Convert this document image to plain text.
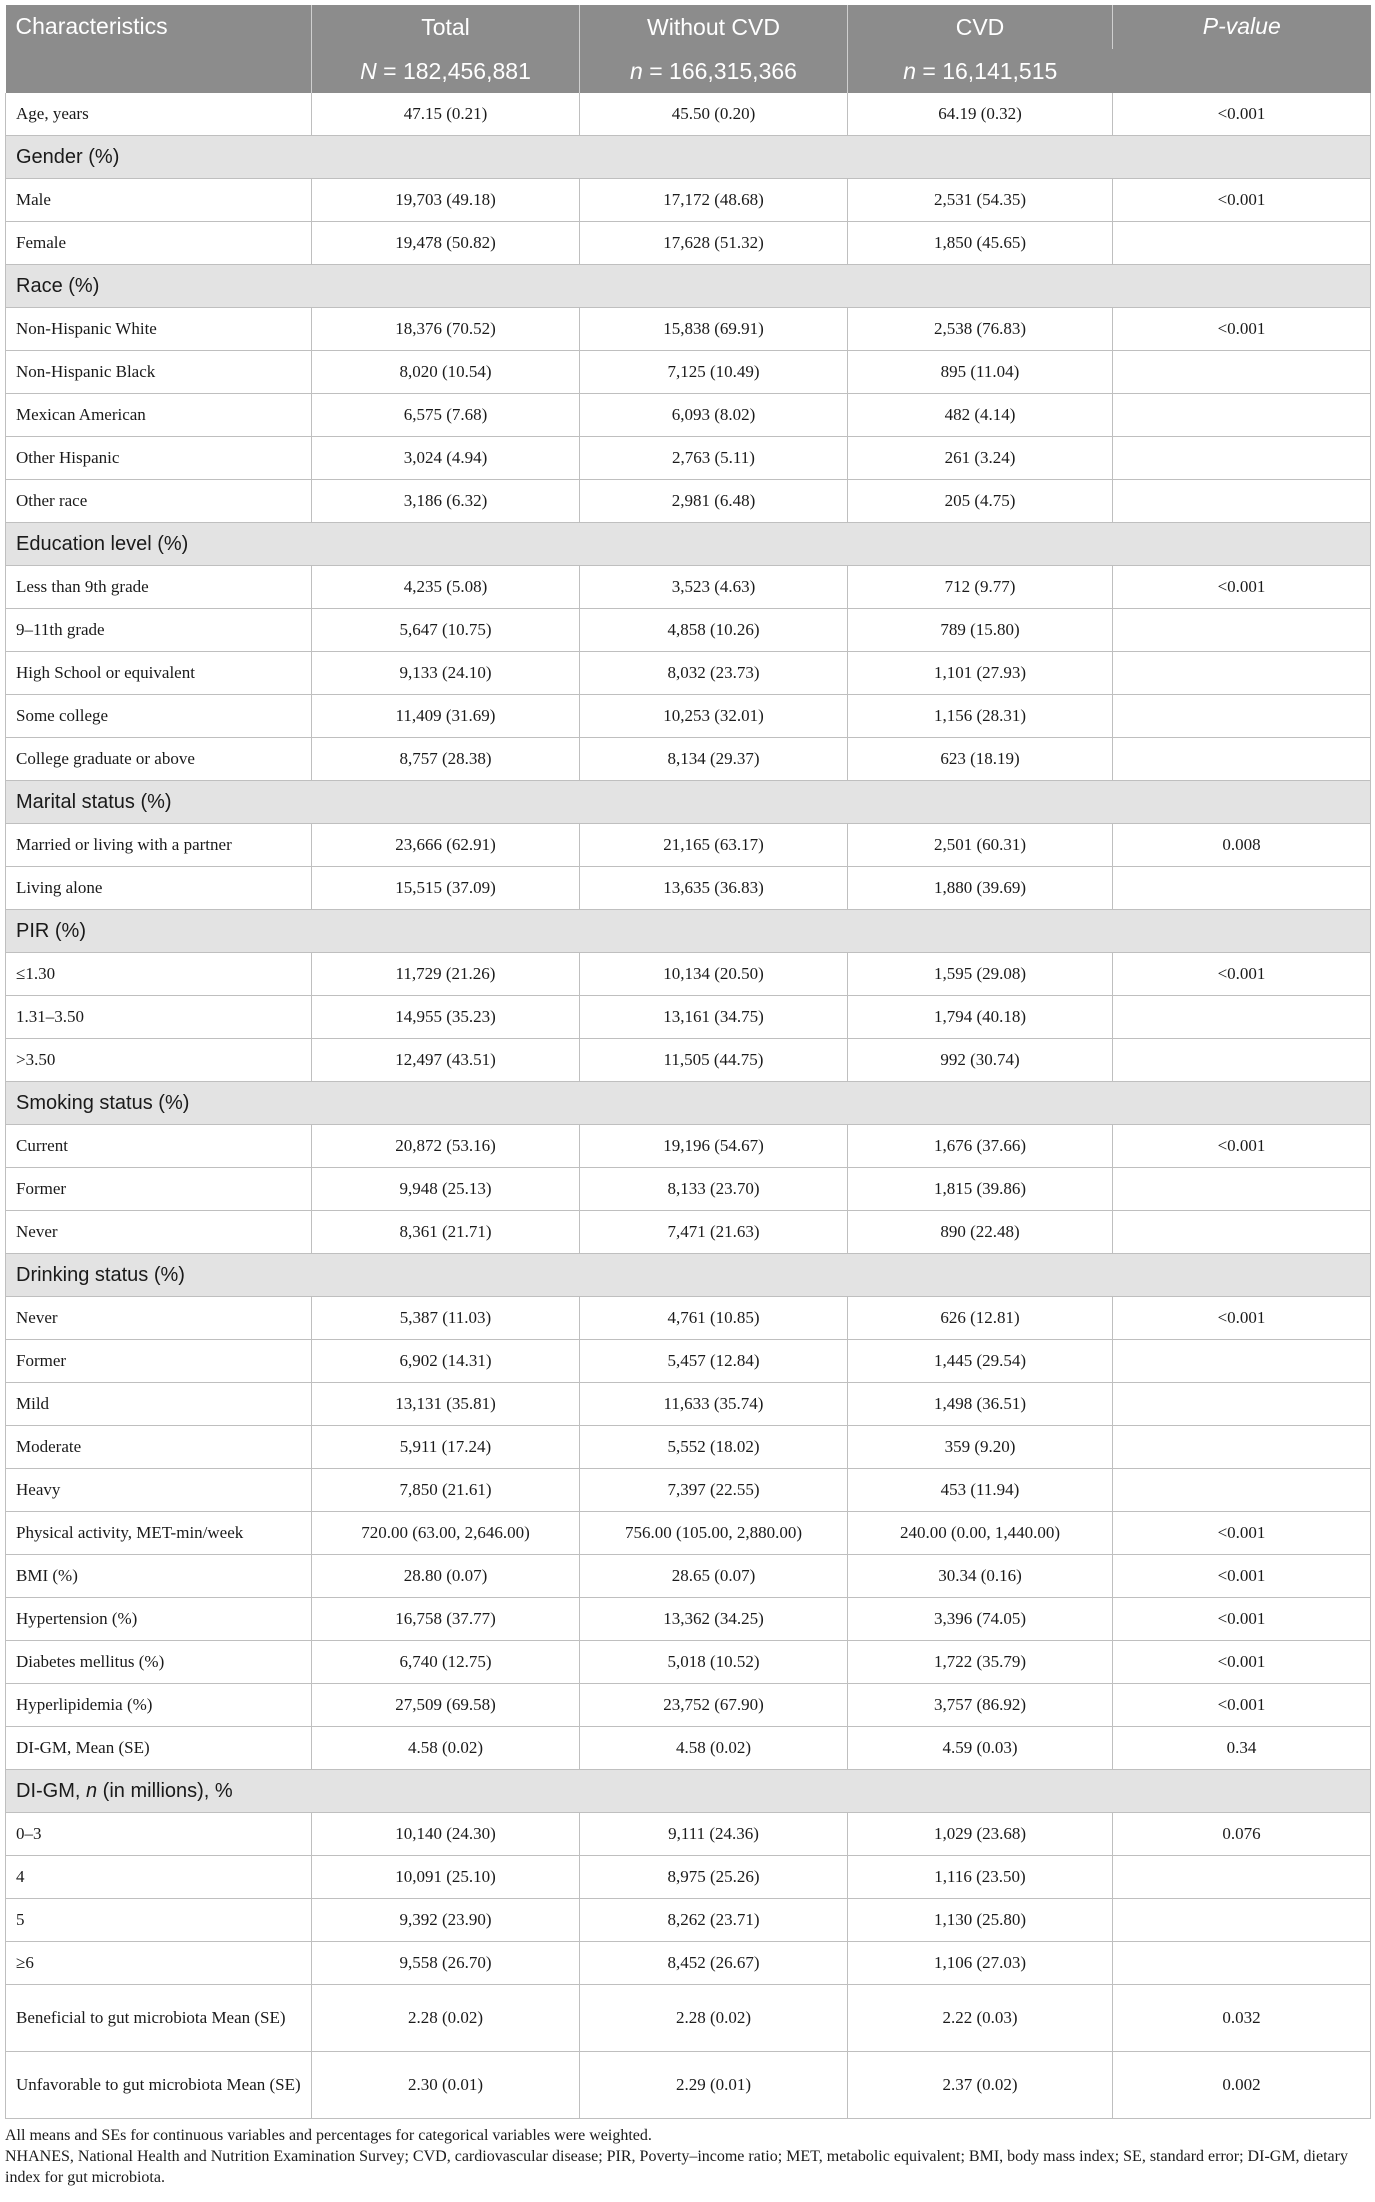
Characteristics	Total	Without CVD	CVD	P-value
	N = 182,456,881	n = 166,315,366	n = 16,141,515	
Age, years	47.15 (0.21)	45.50 (0.20)	64.19 (0.32)	<0.001
Gender (%)				
Male	19,703 (49.18)	17,172 (48.68)	2,531 (54.35)	<0.001
Female	19,478 (50.82)	17,628 (51.32)	1,850 (45.65)	
Race (%)				
Non-Hispanic White	18,376 (70.52)	15,838 (69.91)	2,538 (76.83)	<0.001
Non-Hispanic Black	8,020 (10.54)	7,125 (10.49)	895 (11.04)	
Mexican American	6,575 (7.68)	6,093 (8.02)	482 (4.14)	
Other Hispanic	3,024 (4.94)	2,763 (5.11)	261 (3.24)	
Other race	3,186 (6.32)	2,981 (6.48)	205 (4.75)	
Education level (%)				
Less than 9th grade	4,235 (5.08)	3,523 (4.63)	712 (9.77)	<0.001
9–11th grade	5,647 (10.75)	4,858 (10.26)	789 (15.80)	
High School or equivalent	9,133 (24.10)	8,032 (23.73)	1,101 (27.93)	
Some college	11,409 (31.69)	10,253 (32.01)	1,156 (28.31)	
College graduate or above	8,757 (28.38)	8,134 (29.37)	623 (18.19)	
Marital status (%)				
Married or living with a partner	23,666 (62.91)	21,165 (63.17)	2,501 (60.31)	0.008
Living alone	15,515 (37.09)	13,635 (36.83)	1,880 (39.69)	
PIR (%)				
≤1.30	11,729 (21.26)	10,134 (20.50)	1,595 (29.08)	<0.001
1.31–3.50	14,955 (35.23)	13,161 (34.75)	1,794 (40.18)	
>3.50	12,497 (43.51)	11,505 (44.75)	992 (30.74)	
Smoking status (%)				
Current	20,872 (53.16)	19,196 (54.67)	1,676 (37.66)	<0.001
Former	9,948 (25.13)	8,133 (23.70)	1,815 (39.86)	
Never	8,361 (21.71)	7,471 (21.63)	890 (22.48)	
Drinking status (%)				
Never	5,387 (11.03)	4,761 (10.85)	626 (12.81)	<0.001
Former	6,902 (14.31)	5,457 (12.84)	1,445 (29.54)	
Mild	13,131 (35.81)	11,633 (35.74)	1,498 (36.51)	
Moderate	5,911 (17.24)	5,552 (18.02)	359 (9.20)	
Heavy	7,850 (21.61)	7,397 (22.55)	453 (11.94)	
Physical activity, MET-min/week	720.00 (63.00, 2,646.00)	756.00 (105.00, 2,880.00)	240.00 (0.00, 1,440.00)	<0.001
BMI (%)	28.80 (0.07)	28.65 (0.07)	30.34 (0.16)	<0.001
Hypertension (%)	16,758 (37.77)	13,362 (34.25)	3,396 (74.05)	<0.001
Diabetes mellitus (%)	6,740 (12.75)	5,018 (10.52)	1,722 (35.79)	<0.001
Hyperlipidemia (%)	27,509 (69.58)	23,752 (67.90)	3,757 (86.92)	<0.001
DI-GM, Mean (SE)	4.58 (0.02)	4.58 (0.02)	4.59 (0.03)	0.34
DI-GM, n (in millions), %				
0–3	10,140 (24.30)	9,111 (24.36)	1,029 (23.68)	0.076
4	10,091 (25.10)	8,975 (25.26)	1,116 (23.50)	
5	9,392 (23.90)	8,262 (23.71)	1,130 (25.80)	
≥6	9,558 (26.70)	8,452 (26.67)	1,106 (27.03)	
Beneficial to gut microbiota Mean (SE)	2.28 (0.02)	2.28 (0.02)	2.22 (0.03)	0.032
Unfavorable to gut microbiota Mean (SE)	2.30 (0.01)	2.29 (0.01)	2.37 (0.02)	0.002

All means and SEs for continuous variables and percentages for categorical variables were weighted.

NHANES, National Health and Nutrition Examination Survey; CVD, cardiovascular disease; PIR, Poverty–income ratio; MET, metabolic equivalent; BMI, body mass index; SE, standard error; DI-GM, dietary index for gut microbiota.
